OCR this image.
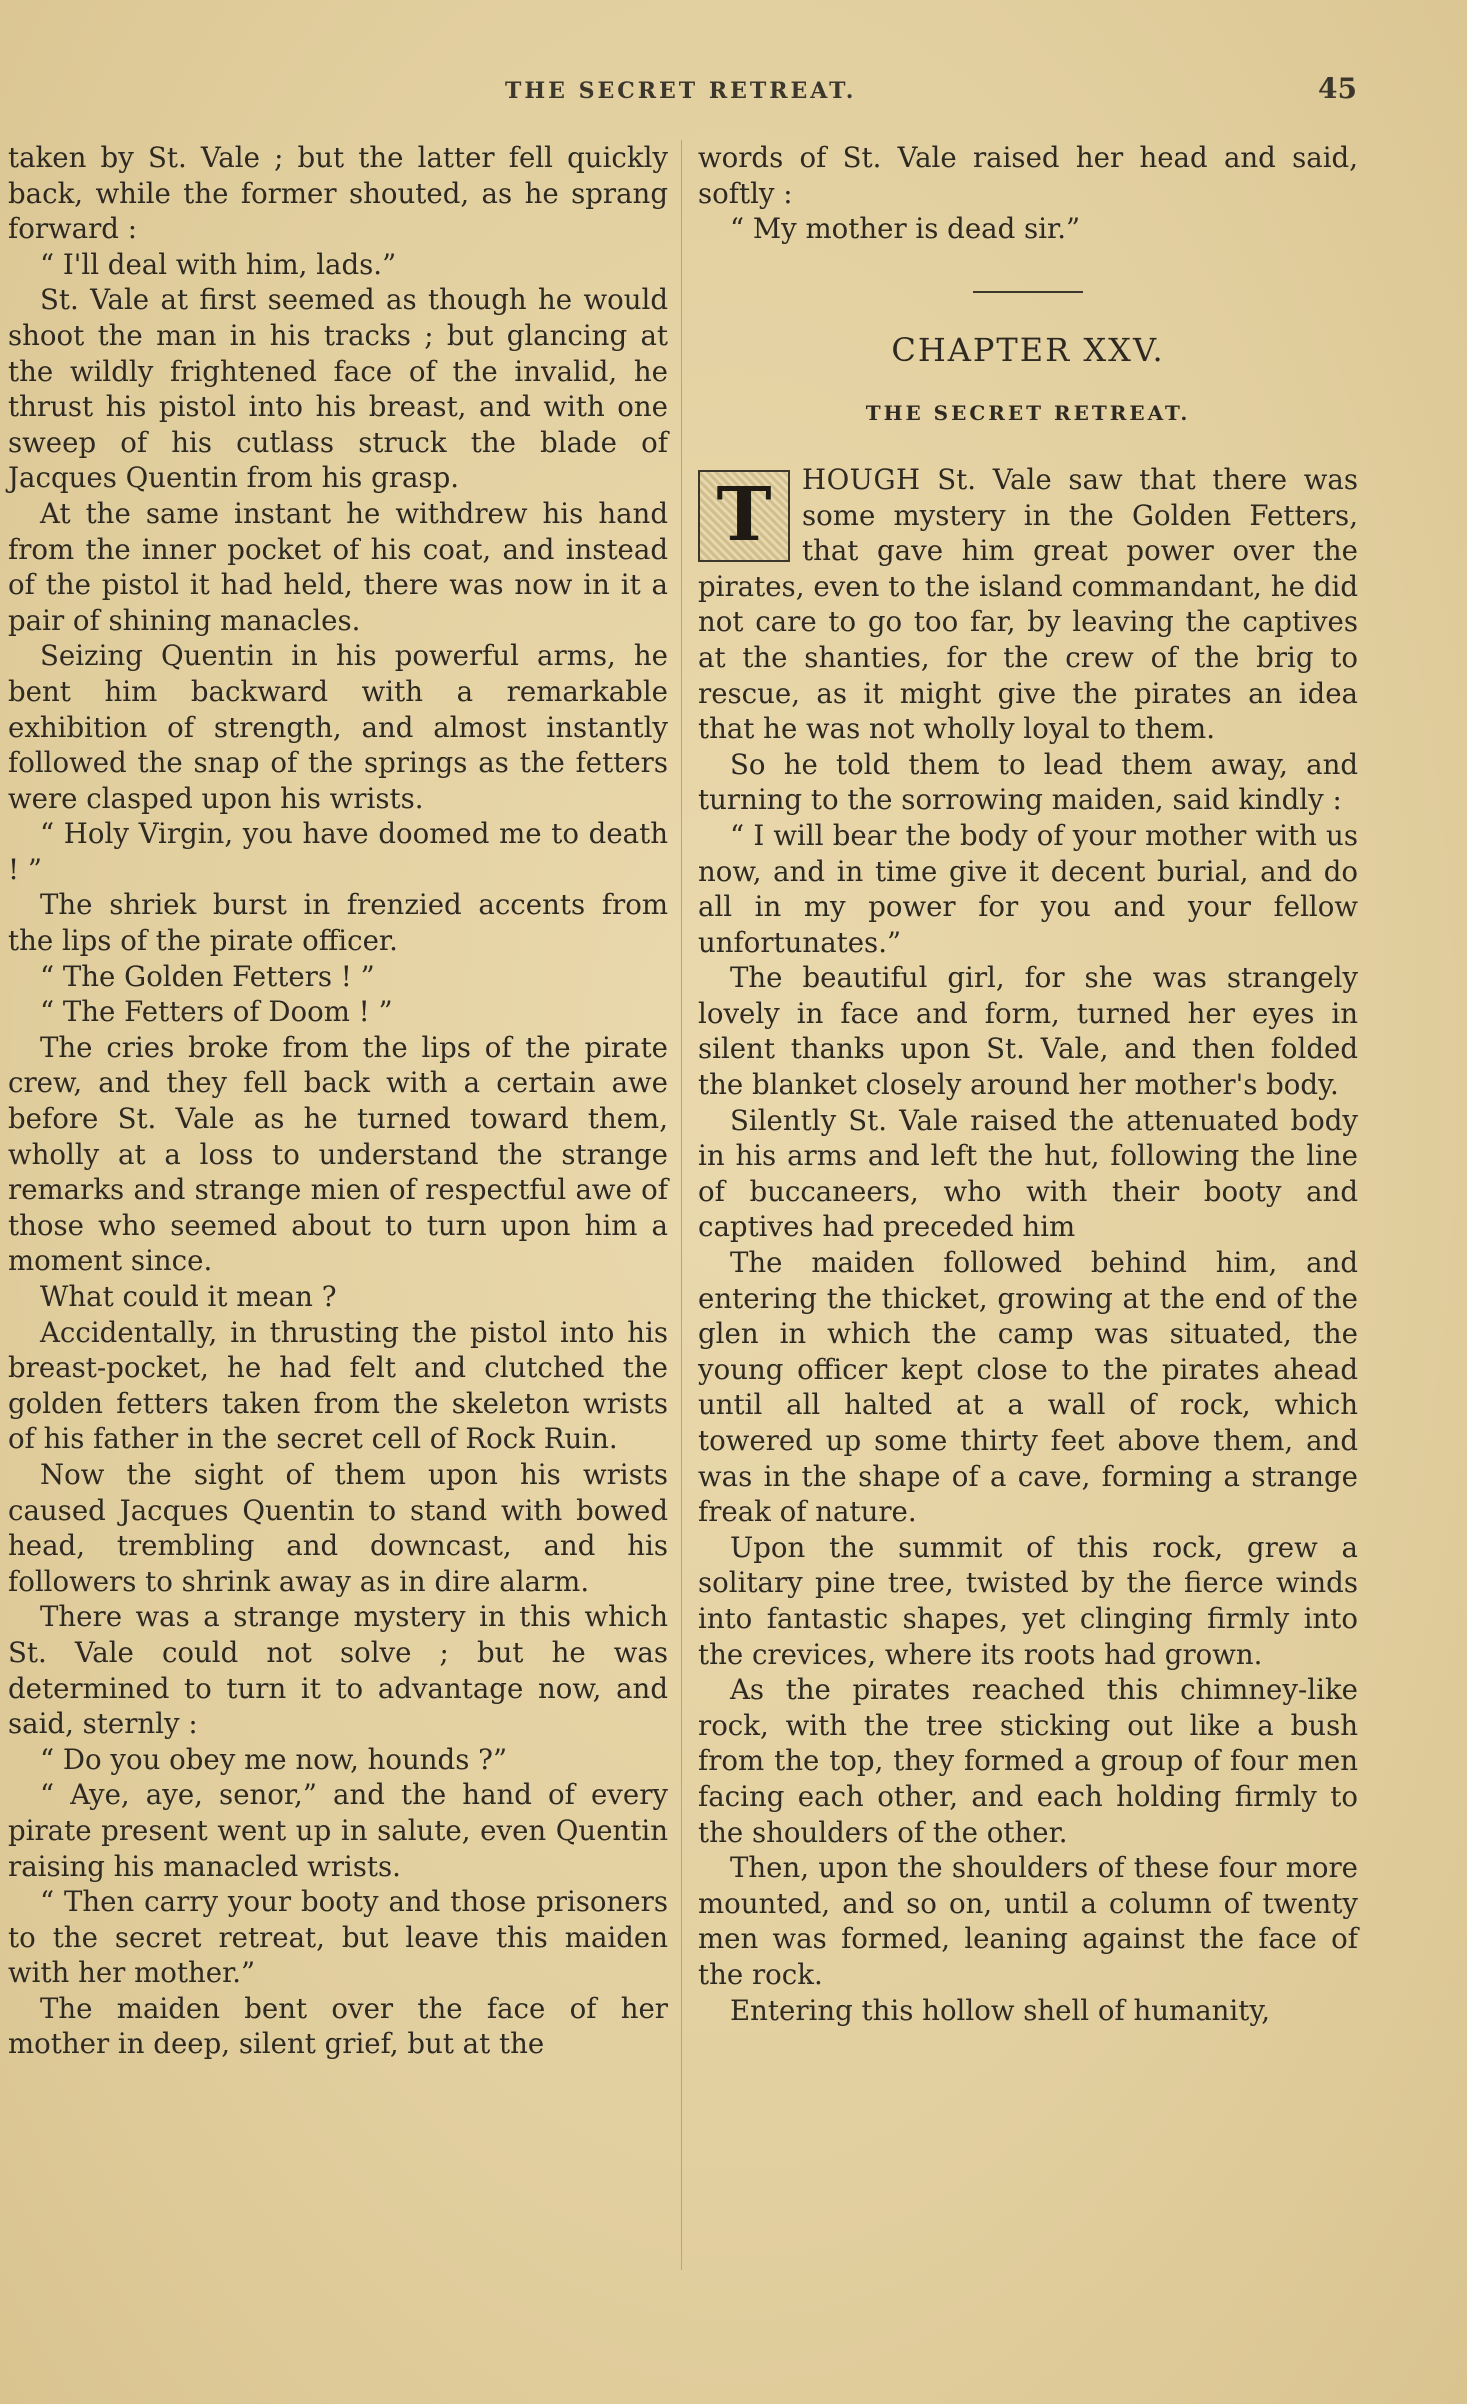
THE SECRET RETREAT.	45

taken by St. Vale ; but the latter fell quickly back, while the former shouted, as he sprang forward :

“ I'll deal with him, lads.”

St. Vale at first seemed as though he would shoot the man in his tracks ; but glancing at the wildly frightened face of the invalid, he thrust his pistol into his breast, and with one sweep of his cutlass struck the blade of Jacques Quentin from his grasp.

At the same instant he withdrew his hand from the inner pocket of his coat, and instead of the pistol it had held, there was now in it a pair of shining manacles.

Seizing Quentin in his powerful arms, he bent him backward with a remarkable exhibition of strength, and almost instantly followed the snap of the springs as the fetters were clasped upon his wrists.

“ Holy Virgin, you have doomed me to death ! ”

The shriek burst in frenzied accents from the lips of the pirate officer.

“ The Golden Fetters ! ”

“ The Fetters of Doom ! ”

The cries broke from the lips of the pirate crew, and they fell back with a certain awe before St. Vale as he turned toward them, wholly at a loss to understand the strange remarks and strange mien of respectful awe of those who seemed about to turn upon him a moment since.

What could it mean ?

Accidentally, in thrusting the pistol into his breast-pocket, he had felt and clutched the golden fetters taken from the skeleton wrists of his father in the secret cell of Rock Ruin.

Now the sight of them upon his wrists caused Jacques Quentin to stand with bowed head, trembling and downcast, and his followers to shrink away as in dire alarm.

There was a strange mystery in this which St. Vale could not solve ; but he was determined to turn it to advantage now, and said, sternly :

“ Do you obey me now, hounds ?”

“ Aye, aye, senor,” and the hand of every pirate present went up in salute, even Quentin raising his manacled wrists.

“ Then carry your booty and those prisoners to the secret retreat, but leave this maiden with her mother.”

The maiden bent over the face of her mother in deep, silent grief, but at the

words of St. Vale raised her head and said, softly :

“ My mother is dead sir.”

CHAPTER XXV.
THE SECRET RETREAT.

T	HOUGH St. Vale saw that there was some mystery in the Golden Fetters, that gave him great power over the pirates, even to the island commandant, he did not care to go too far, by leaving the captives at the shanties, for the crew of the brig to rescue, as it might give the pirates an idea that he was not wholly loyal to them.

So he told them to lead them away, and turning to the sorrowing maiden, said kindly :

“ I will bear the body of your mother with us now, and in time give it decent burial, and do all in my power for you and your fellow unfortunates.”

The beautiful girl, for she was strangely lovely in face and form, turned her eyes in silent thanks upon St. Vale, and then folded the blanket closely around her mother's body.

Silently St. Vale raised the attenuated body in his arms and left the hut, following the line of buccaneers, who with their booty and captives had preceded him

The maiden followed behind him, and entering the thicket, growing at the end of the glen in which the camp was situated, the young officer kept close to the pirates ahead until all halted at a wall of rock, which towered up some thirty feet above them, and was in the shape of a cave, forming a strange freak of nature.

Upon the summit of this rock, grew a solitary pine tree, twisted by the fierce winds into fantastic shapes, yet clinging firmly into the crevices, where its roots had grown.

As the pirates reached this chimney-like rock, with the tree sticking out like a bush from the top, they formed a group of four men facing each other, and each holding firmly to the shoulders of the other.

Then, upon the shoulders of these four more mounted, and so on, until a column of twenty men was formed, leaning against the face of the rock.

Entering this hollow shell of humanity,
